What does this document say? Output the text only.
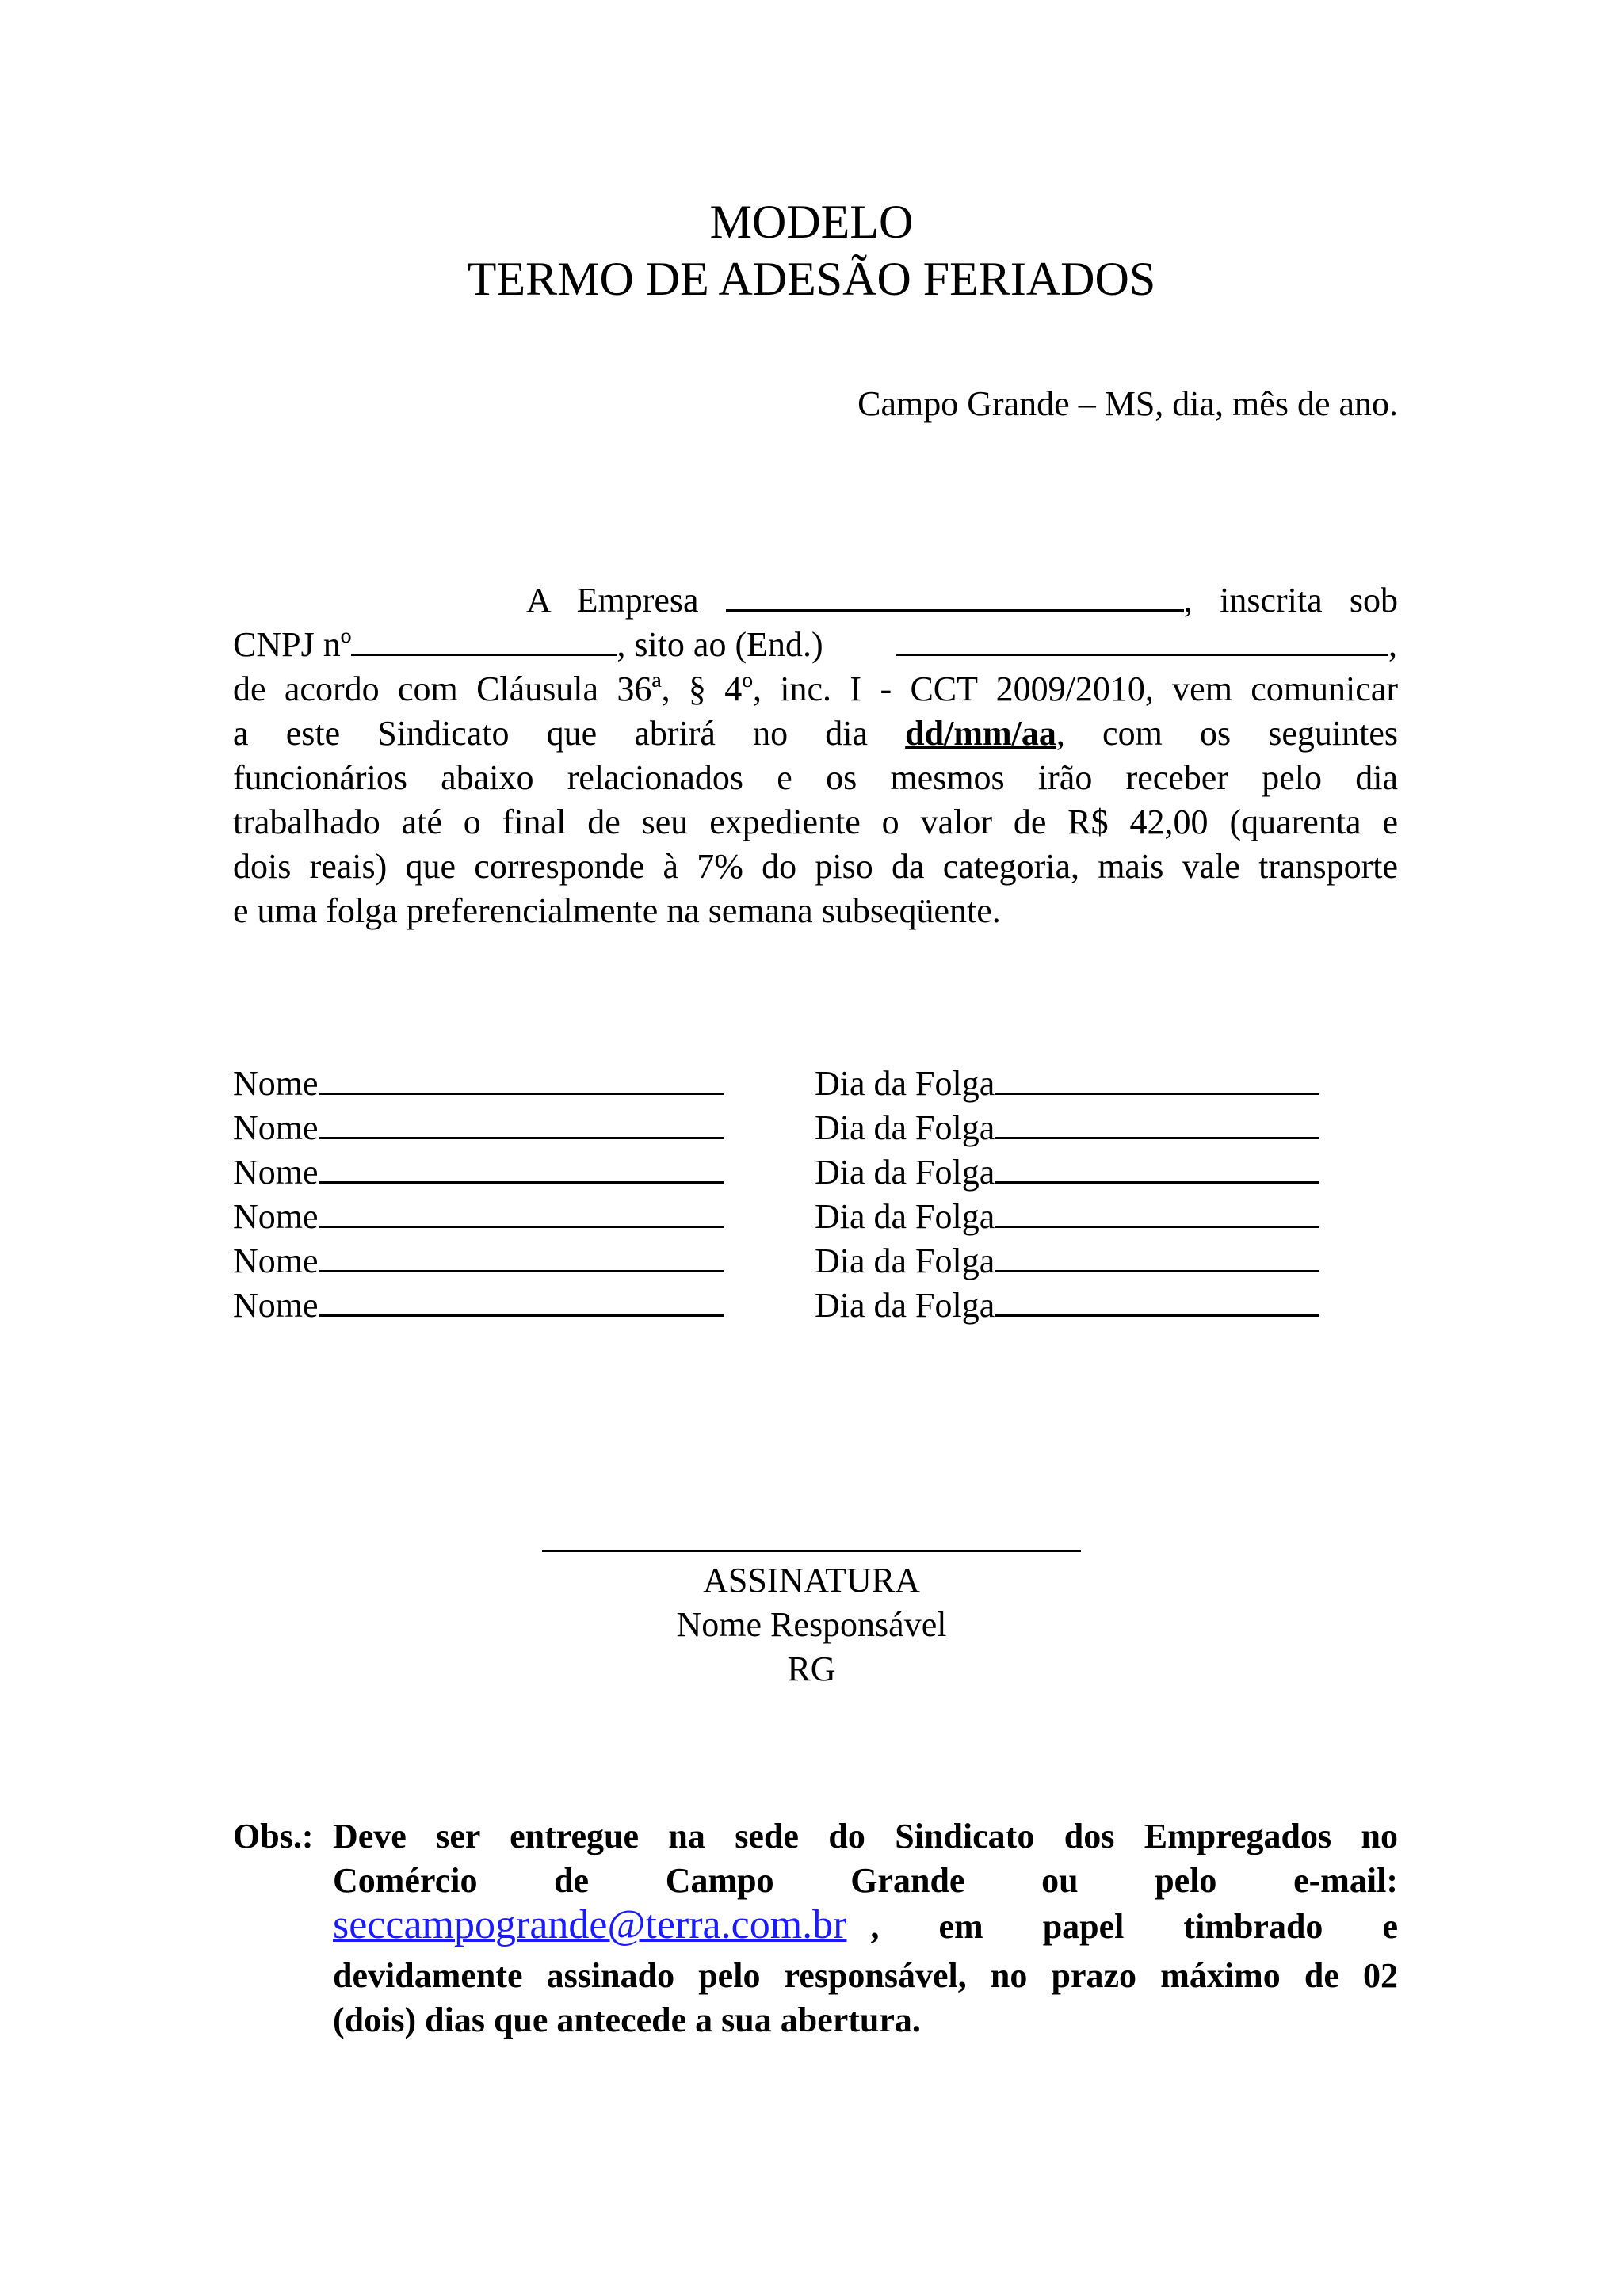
MODELO
TERMO DE ADESÃO FERIADOS
Campo Grande – MS, dia, mês de ano.
A Empresa	, inscrita sob
CNPJ nº	, sito ao (End.)	,
de acordo com Cláusula 36ª, § 4º, inc. I - CCT 2009/2010, vem comunicar
a este Sindicato que abrirá no dia dd/mm/aa, com os seguintes
funcionários abaixo relacionados e os mesmos irão receber pelo dia
trabalhado até o final de seu expediente o valor de R$ 42,00 (quarenta e
dois reais) que corresponde à 7% do piso da categoria, mais vale transporte
e uma folga preferencialmente na semana subseqüente.
Nome	Dia da Folga
Nome	Dia da Folga
Nome	Dia da Folga
Nome	Dia da Folga
Nome	Dia da Folga
Nome	Dia da Folga
ASSINATURA
Nome Responsável
RG
Obs.: Deve ser entregue na sede do Sindicato dos Empregados no
Comércio de Campo Grande ou pelo e-mail:
seccampogrande@terra.com.br , em papel timbrado e
devidamente assinado pelo responsável, no prazo máximo de 02
(dois) dias que antecede a sua abertura.
